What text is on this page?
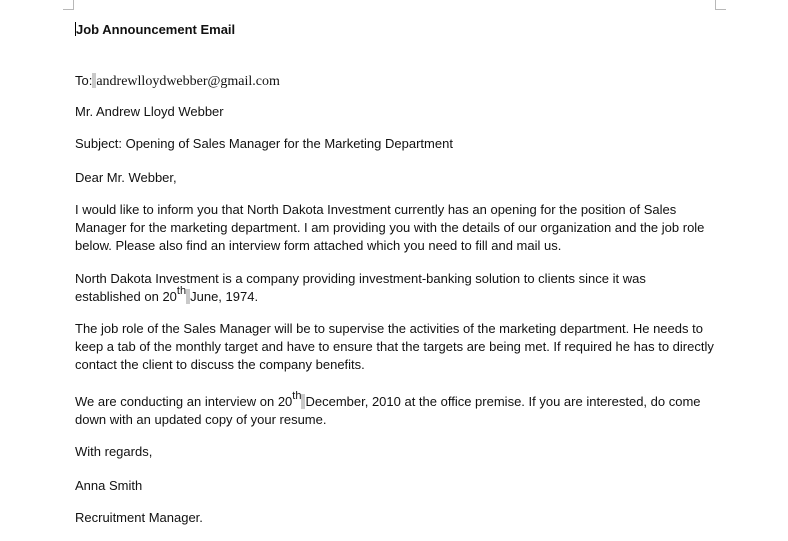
Job Announcement Email
To: andrewlloydwebber@gmail.com
Mr. Andrew Lloyd Webber
Subject: Opening of Sales Manager for the Marketing Department
Dear Mr. Webber,
I would like to inform you that North Dakota Investment currently has an opening for the position of Sales Manager for the marketing department. I am providing you with the details of our organization and the job role below. Please also find an interview form attached which you need to fill and mail us.
North Dakota Investment is a company providing investment-banking solution to clients since it was established on 20th June, 1974.
The job role of the Sales Manager will be to supervise the activities of the marketing department. He needs to keep a tab of the monthly target and have to ensure that the targets are being met. If required he has to directly contact the client to discuss the company benefits.
We are conducting an interview on 20th December, 2010 at the office premise. If you are interested, do come down with an updated copy of your resume.
With regards,
Anna Smith
Recruitment Manager.
